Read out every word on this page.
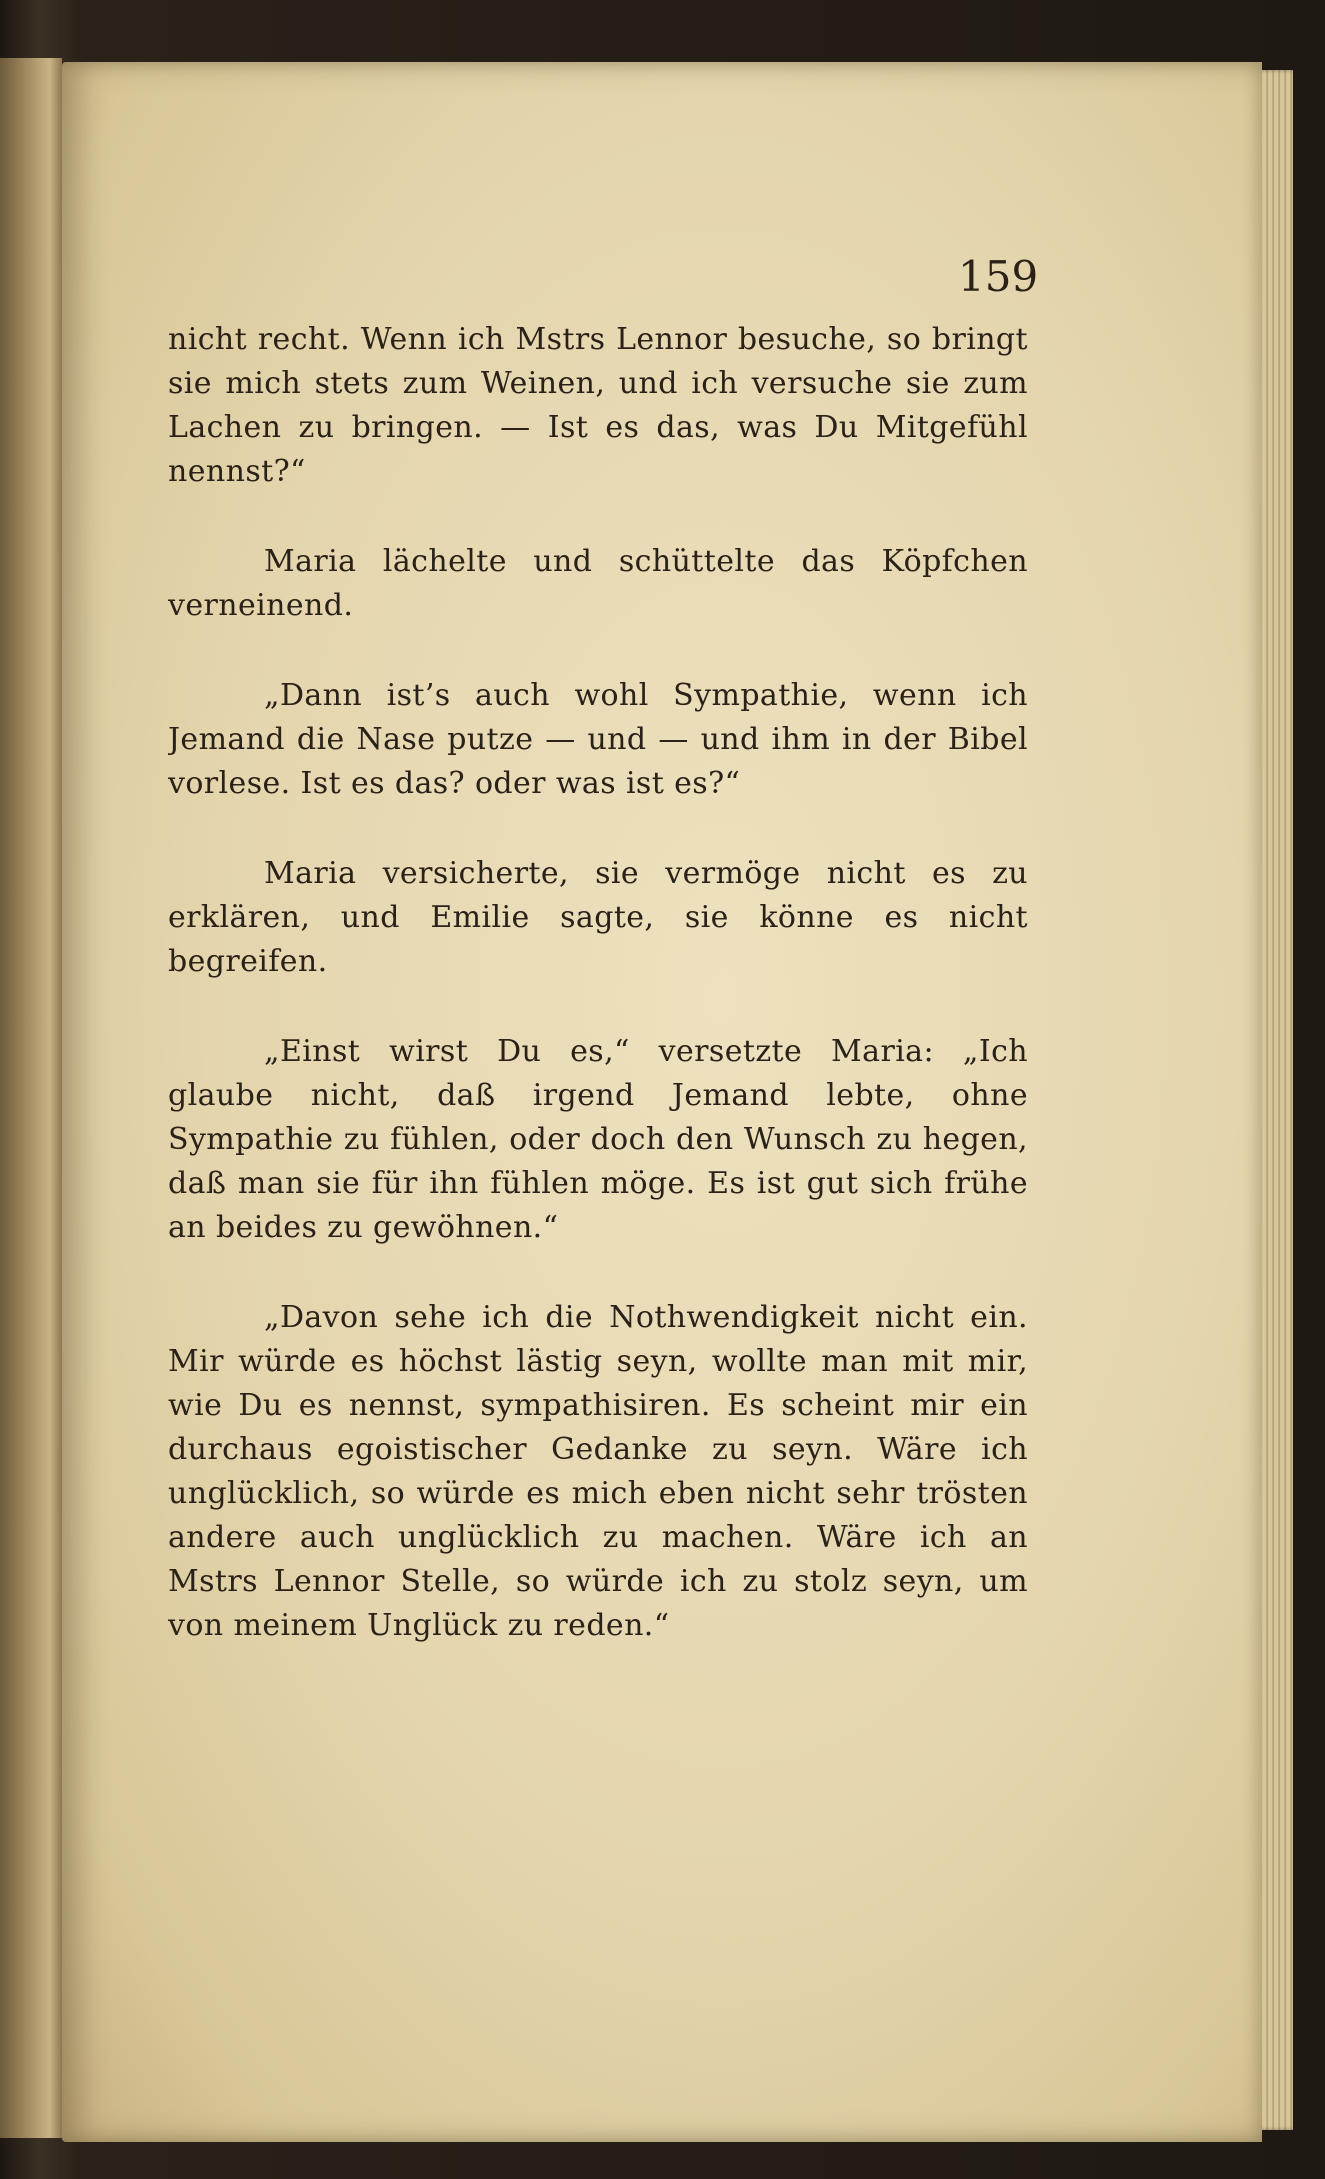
159

nicht recht. Wenn ich Mstrs Lennor besuche, so bringt sie mich stets zum Weinen, und ich versuche sie zum Lachen zu bringen. — Ist es das, was Du Mitgefühl nennst?“

Maria lächelte und schüttelte das Köpfchen verneinend.

„Dann ist’s auch wohl Sympathie, wenn ich Jemand die Nase putze — und — und ihm in der Bibel vorlese. Ist es das? oder was ist es?“

Maria versicherte, sie vermöge nicht es zu erklären, und Emilie sagte, sie könne es nicht begreifen.

„Einst wirst Du es,“ versetzte Maria: „Ich glaube nicht, daß irgend Jemand lebte, ohne Sympathie zu fühlen, oder doch den Wunsch zu hegen, daß man sie für ihn fühlen möge. Es ist gut sich frühe an beides zu gewöhnen.“

„Davon sehe ich die Nothwendigkeit nicht ein. Mir würde es höchst lästig seyn, wollte man mit mir, wie Du es nennst, sympathisiren. Es scheint mir ein durchaus egoistischer Gedanke zu seyn. Wäre ich unglücklich, so würde es mich eben nicht sehr trösten andere auch unglücklich zu machen. Wäre ich an Mstrs Lennor Stelle, so würde ich zu stolz seyn, um von meinem Unglück zu reden.“
